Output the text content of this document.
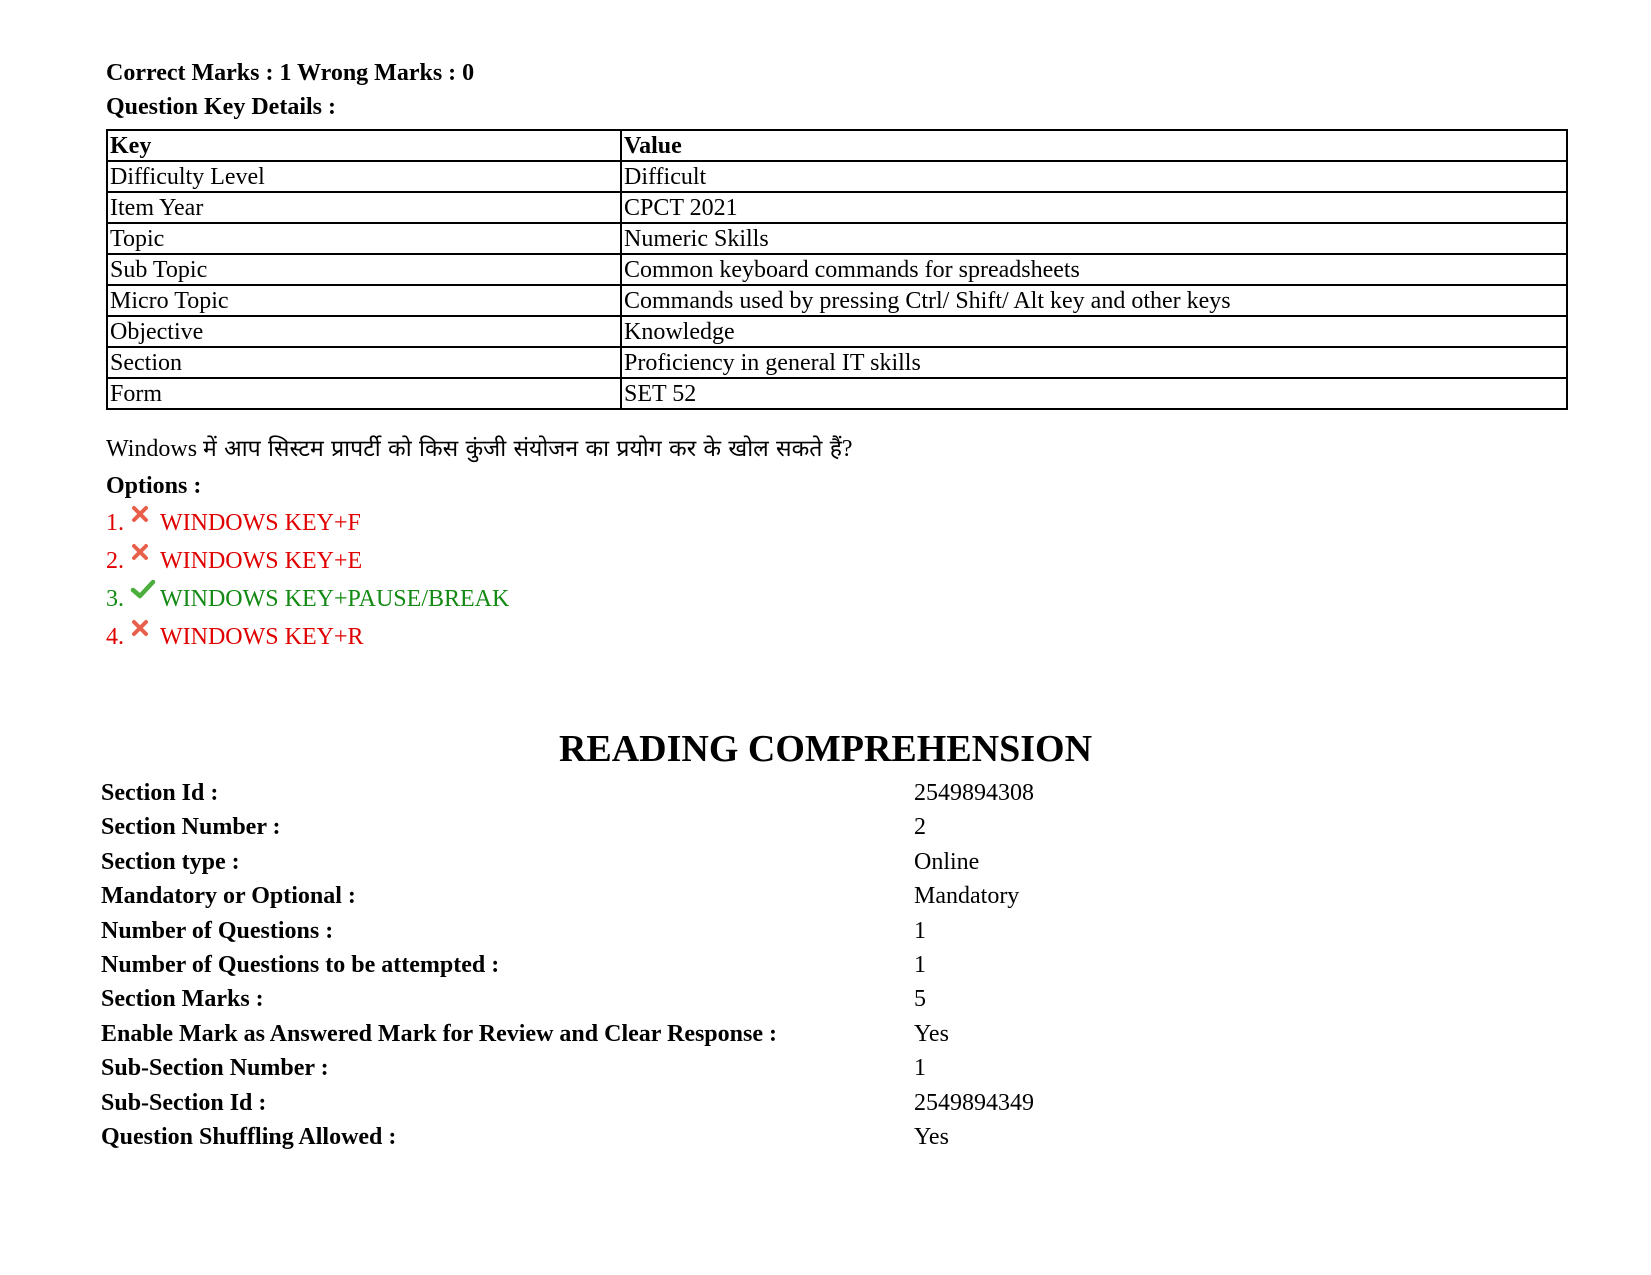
Correct Marks : 1 Wrong Marks : 0
Question Key Details :
Key	Value
Difficulty Level	Difficult
Item Year	CPCT 2021
Topic	Numeric Skills
Sub Topic	Common keyboard commands for spreadsheets
Micro Topic	Commands used by pressing Ctrl/ Shift/ Alt key and other keys
Objective	Knowledge
Section	Proficiency in general IT skills
Form	SET 52
Windows में आप सिस्टम प्रापर्टी को किस कुंजी संयोजन का प्रयोग कर के खोल सकते हैं?
Options :
1. WINDOWS KEY+F
2. WINDOWS KEY+E
3. WINDOWS KEY+PAUSE/BREAK
4. WINDOWS KEY+R
READING COMPREHENSION
Section Id :	2549894308
Section Number :	2
Section type :	Online
Mandatory or Optional :	Mandatory
Number of Questions :	1
Number of Questions to be attempted :	1
Section Marks :	5
Enable Mark as Answered Mark for Review and Clear Response :	Yes
Sub-Section Number :	1
Sub-Section Id :	2549894349
Question Shuffling Allowed :	Yes
